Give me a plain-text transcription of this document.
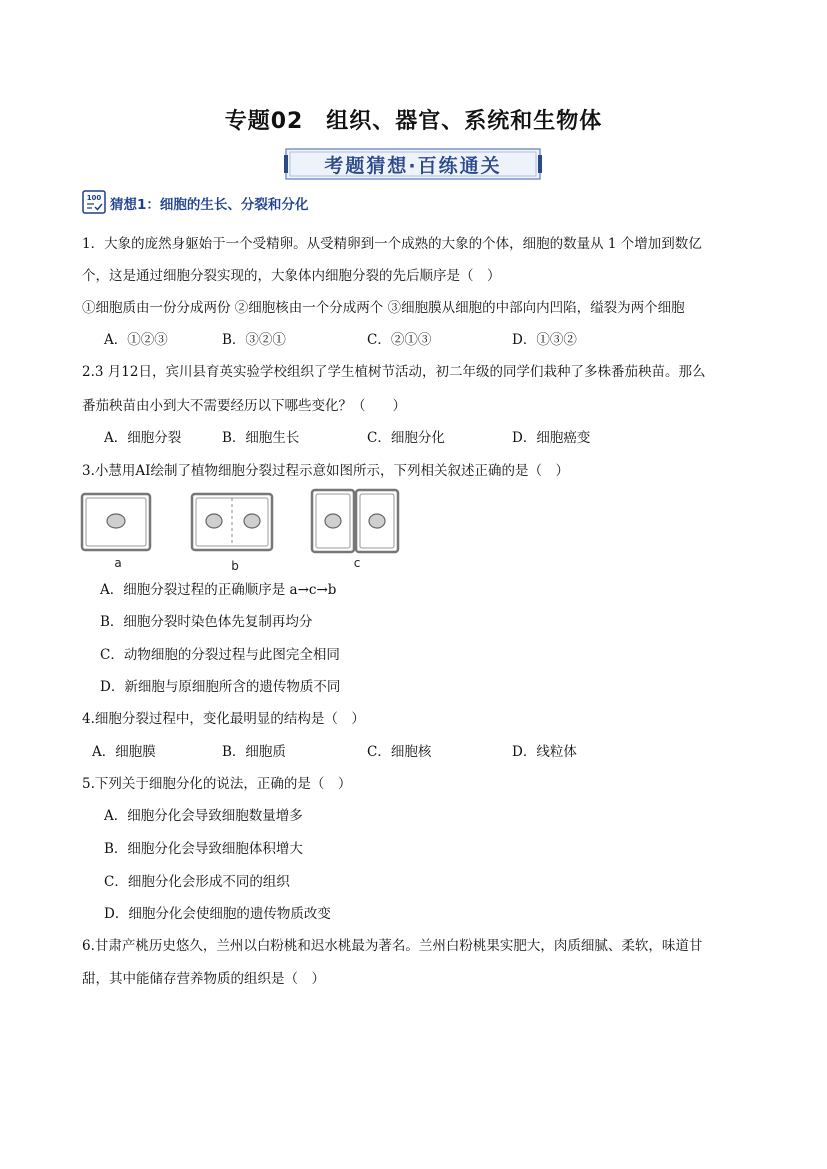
专题02　组织、器官、系统和生物体
考题猜想·百练通关
100 猜想1：细胞的生长、分裂和分化
1．大象的庞然身躯始于一个受精卵。从受精卵到一个成熟的大象的个体，细胞的数量从 1 个增加到数亿
个，这是通过细胞分裂实现的，大象体内细胞分裂的先后顺序是（　）
①细胞质由一份分成两份 ②细胞核由一个分成两个 ③细胞膜从细胞的中部向内凹陷，缢裂为两个细胞
A．①②③	B．③②①	C．②①③	D．①③②
2.3 月12日，宾川县育英实验学校组织了学生植树节活动，初二年级的同学们栽种了多株番茄秧苗。那么
番茄秧苗由小到大不需要经历以下哪些变化？（　　）
A．细胞分裂	B．细胞生长	C．细胞分化	D．细胞癌变
3.小慧用AI绘制了植物细胞分裂过程示意如图所示，下列相关叙述正确的是（　）
a	b	c
A．细胞分裂过程的正确顺序是 a→c→b
B．细胞分裂时染色体先复制再均分
C．动物细胞的分裂过程与此图完全相同
D．新细胞与原细胞所含的遗传物质不同
4.细胞分裂过程中，变化最明显的结构是（　）
A．细胞膜	B．细胞质	C．细胞核	D．线粒体
5.下列关于细胞分化的说法，正确的是（　）
A．细胞分化会导致细胞数量增多
B．细胞分化会导致细胞体积增大
C．细胞分化会形成不同的组织
D．细胞分化会使细胞的遗传物质改变
6.甘肃产桃历史悠久，兰州以白粉桃和迟水桃最为著名。兰州白粉桃果实肥大，肉质细腻、柔软，味道甘
甜，其中能储存营养物质的组织是（　）
